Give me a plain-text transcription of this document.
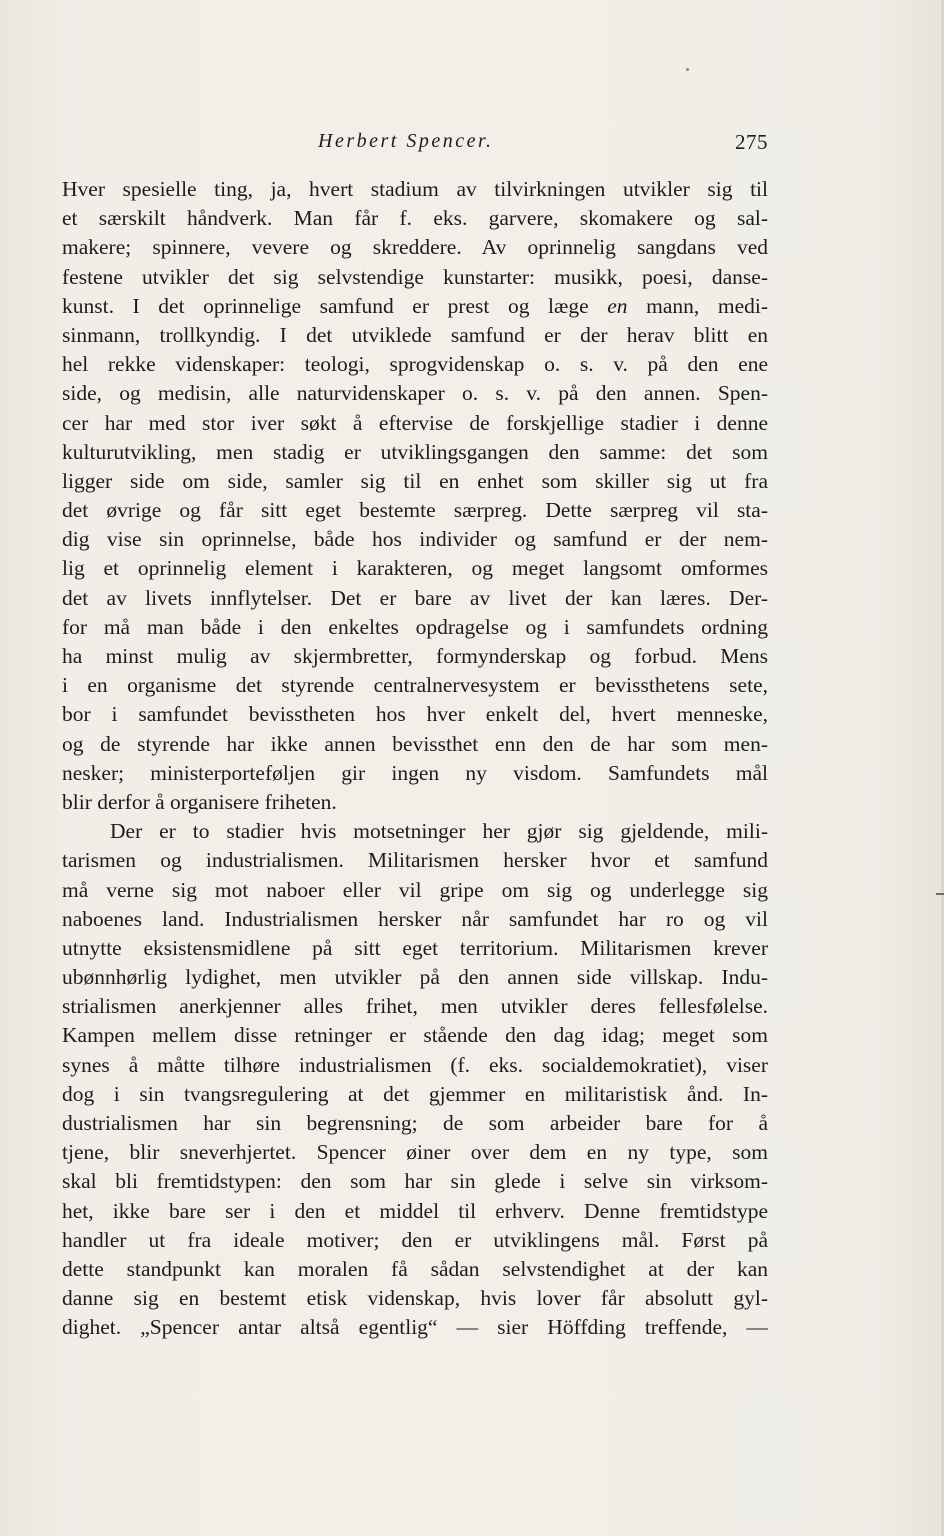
Herbert Spencer.	275
Hver spesielle ting, ja, hvert stadium av tilvirkningen utvikler sig til
et særskilt håndverk. Man får f. eks. garvere, skomakere og sal-
makere; spinnere, vevere og skreddere. Av oprinnelig sangdans ved
festene utvikler det sig selvstendige kunstarter: musikk, poesi, danse-
kunst. I det oprinnelige samfund er prest og læge en mann, medi-
sinmann, trollkyndig. I det utviklede samfund er der herav blitt en
hel rekke videnskaper: teologi, sprogvidenskap o. s. v. på den ene
side, og medisin, alle naturvidenskaper o. s. v. på den annen. Spen-
cer har med stor iver søkt å eftervise de forskjellige stadier i denne
kulturutvikling, men stadig er utviklingsgangen den samme: det som
ligger side om side, samler sig til en enhet som skiller sig ut fra
det øvrige og får sitt eget bestemte særpreg. Dette særpreg vil sta-
dig vise sin oprinnelse, både hos individer og samfund er der nem-
lig et oprinnelig element i karakteren, og meget langsomt omformes
det av livets innflytelser. Det er bare av livet der kan læres. Der-
for må man både i den enkeltes opdragelse og i samfundets ordning
ha minst mulig av skjermbretter, formynderskap og forbud. Mens
i en organisme det styrende centralnervesystem er bevissthetens sete,
bor i samfundet bevisstheten hos hver enkelt del, hvert menneske,
og de styrende har ikke annen bevissthet enn den de har som men-
nesker; ministerporteføljen gir ingen ny visdom. Samfundets mål
blir derfor å organisere friheten.
Der er to stadier hvis motsetninger her gjør sig gjeldende, mili-
tarismen og industrialismen. Militarismen hersker hvor et samfund
må verne sig mot naboer eller vil gripe om sig og underlegge sig
naboenes land. Industrialismen hersker når samfundet har ro og vil
utnytte eksistensmidlene på sitt eget territorium. Militarismen krever
ubønnhørlig lydighet, men utvikler på den annen side villskap. Indu-
strialismen anerkjenner alles frihet, men utvikler deres fellesfølelse.
Kampen mellem disse retninger er stående den dag idag; meget som
synes å måtte tilhøre industrialismen (f. eks. socialdemokratiet), viser
dog i sin tvangsregulering at det gjemmer en militaristisk ånd. In-
dustrialismen har sin begrensning; de som arbeider bare for å
tjene, blir sneverhjertet. Spencer øiner over dem en ny type, som
skal bli fremtidstypen: den som har sin glede i selve sin virksom-
het, ikke bare ser i den et middel til erhverv. Denne fremtidstype
handler ut fra ideale motiver; den er utviklingens mål. Først på
dette standpunkt kan moralen få sådan selvstendighet at der kan
danne sig en bestemt etisk videnskap, hvis lover får absolutt gyl-
dighet. „Spencer antar altså egentlig“ — sier Höffding treffende, —
